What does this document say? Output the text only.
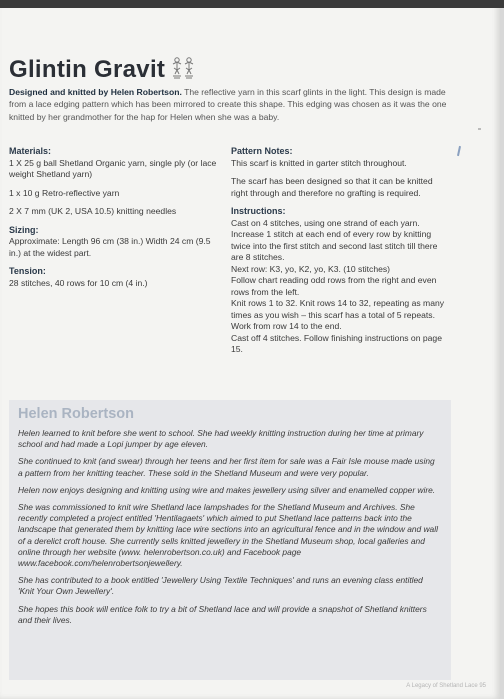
Glintin Gravit
Designed and knitted by Helen Robertson. The reflective yarn in this scarf glints in the light. This design is made from a lace edging pattern which has been mirrored to create this shape. This edging was chosen as it was the one knitted by her grandmother for the hap for Helen when she was a baby.
Materials:

1 X 25 g ball Shetland Organic yarn, single ply (or lace weight Shetland yarn)

1 x 10 g Retro-reflective yarn

2 X 7 mm (UK 2, USA 10.5) knitting needles

Sizing:

Approximate: Length 96 cm (38 in.) Width 24 cm (9.5 in.) at the widest part.

Tension:

28 stitches, 40 rows for 10 cm (4 in.)

Pattern Notes:

This scarf is knitted in garter stitch throughout.

The scarf has been designed so that it can be knitted right through and therefore no grafting is required.

Instructions:

Cast on 4 stitches, using one strand of each yarn. Increase 1 stitch at each end of every row by knitting twice into the first stitch and second last stitch till there are 8 stitches.
Next row: K3, yo, K2, yo, K3. (10 stitches)
Follow chart reading odd rows from the right and even rows from the left.
Knit rows 1 to 32. Knit rows 14 to 32, repeating as many times as you wish – this scarf has a total of 5 repeats. Work from row 14 to the end.
Cast off 4 stitches. Follow finishing instructions on page 15.

Helen Robertson

Helen learned to knit before she went to school. She had weekly knitting instruction during her time at primary school and had made a Lopi jumper by age eleven.

She continued to knit (and swear) through her teens and her first item for sale was a Fair Isle mouse made using a pattern from her knitting teacher. These sold in the Shetland Museum and were very popular.

Helen now enjoys designing and knitting using wire and makes jewellery using silver and enamelled copper wire.

She was commissioned to knit wire Shetland lace lampshades for the Shetland Museum and Archives. She recently completed a project entitled 'Hentilagaets' which aimed to put Shetland lace patterns back into the landscape that generated them by knitting lace wire sections into an agricultural fence and in the window and wall of a derelict croft house. She currently sells knitted jewellery in the Shetland Museum shop, local galleries and online through her website (www. helenrobertson.co.uk) and Facebook page www.facebook.com/helenrobertsonjewellery.

She has contributed to a book entitled 'Jewellery Using Textile Techniques' and runs an evening class entitled 'Knit Your Own Jewellery'.

She hopes this book will entice folk to try a bit of Shetland lace and will provide a snapshot of Shetland knitters and their lives.

A Legacy of Shetland Lace 95
